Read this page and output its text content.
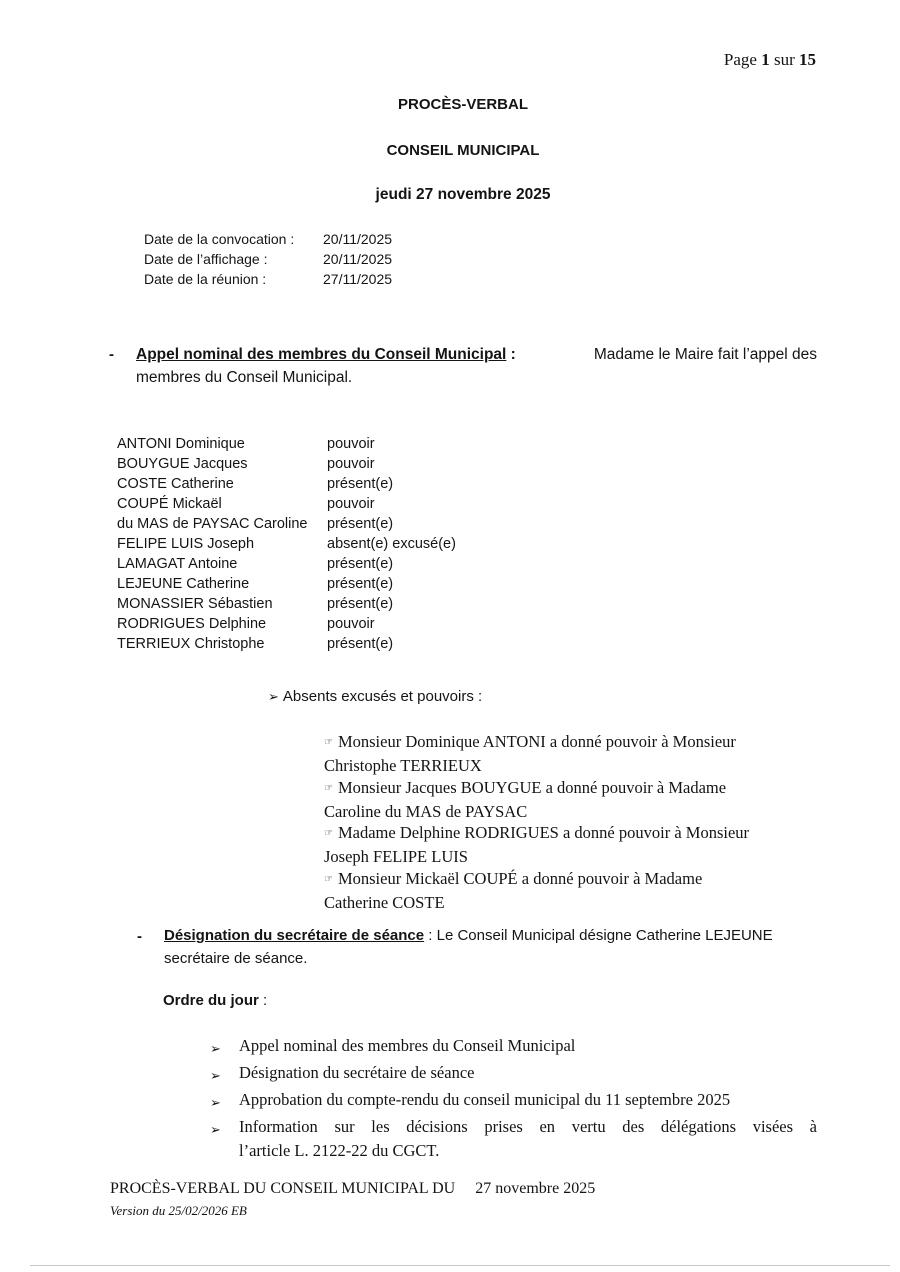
Page 1 sur 15
PROCÈS-VERBAL
CONSEIL MUNICIPAL
jeudi 27 novembre 2025
Date de la convocation :	20/11/2025
Date de l’affichage :	20/11/2025
Date de la réunion :	27/11/2025
- Appel nominal des membres du Conseil Municipal :	Madame le Maire fait l’appel des
membres du Conseil Municipal.
ANTONI Dominique	pouvoir
BOUYGUE Jacques	pouvoir
COSTE Catherine	présent(e)
COUPÉ Mickaël	pouvoir
du MAS de PAYSAC Caroline	présent(e)
FELIPE LUIS Joseph	absent(e) excusé(e)
LAMAGAT Antoine	présent(e)
LEJEUNE Catherine	présent(e)
MONASSIER Sébastien	présent(e)
RODRIGUES Delphine	pouvoir
TERRIEUX Christophe	présent(e)
➢ Absents excusés et pouvoirs :
☞ Monsieur Dominique ANTONI a donné pouvoir à Monsieur
Christophe TERRIEUX
☞ Monsieur Jacques BOUYGUE a donné pouvoir à Madame
Caroline du MAS de PAYSAC
☞ Madame Delphine RODRIGUES a donné pouvoir à Monsieur
Joseph FELIPE LUIS
☞ Monsieur Mickaël COUPÉ a donné pouvoir à Madame
Catherine COSTE
- Désignation du secrétaire de séance : Le Conseil Municipal désigne Catherine LEJEUNE
secrétaire de séance.
Ordre du jour :
➢	Appel nominal des membres du Conseil Municipal
➢	Désignation du secrétaire de séance
➢	Approbation du compte-rendu du conseil municipal du 11 septembre 2025
➢	Information sur les décisions prises en vertu des délégations visées à
l’article L. 2122-22 du CGCT.
PROCÈS-VERBAL DU CONSEIL MUNICIPAL DU 27 novembre 2025
Version du 25/02/2026 EB
